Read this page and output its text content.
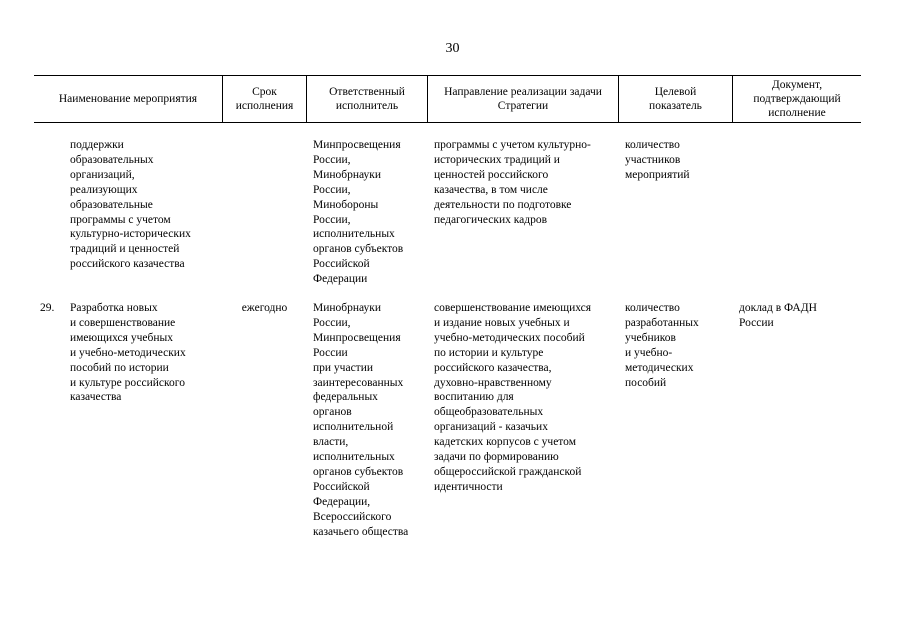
30
Наименование мероприятия
Срок
исполнения
Ответственный
исполнитель
Направление реализации задачи
Стратегии
Целевой
показатель
Документ,
подтверждающий
исполнение
поддержки
образовательных
организаций,
реализующих
образовательные
программы с учетом
культурно-исторических
традиций и ценностей
российского казачества
Минпросвещения
России,
Минобрнауки
России,
Минобороны
России,
исполнительных
органов субъектов
Российской
Федерации
программы с учетом культурно-
исторических традиций и
ценностей российского
казачества, в том числе
деятельности по подготовке
педагогических кадров
количество
участников
мероприятий
29. Разработка новых
и совершенствование
имеющихся учебных
и учебно-методических
пособий по истории
и культуре российского
казачества
ежегодно	Минобрнауки
России,
Минпросвещения
России
при участии
заинтересованных
федеральных
органов
исполнительной
власти,
исполнительных
органов субъектов
Российской
Федерации,
Всероссийского
казачьего общества
совершенствование имеющихся
и издание новых учебных и
учебно-методических пособий
по истории и культуре
российского казачества,
духовно-нравственному
воспитанию для
общеобразовательных
организаций - казачьих
кадетских корпусов с учетом
задачи по формированию
общероссийской гражданской
идентичности
количество
разработанных
учебников
и учебно-
методических
пособий
доклад в ФАДН
России
